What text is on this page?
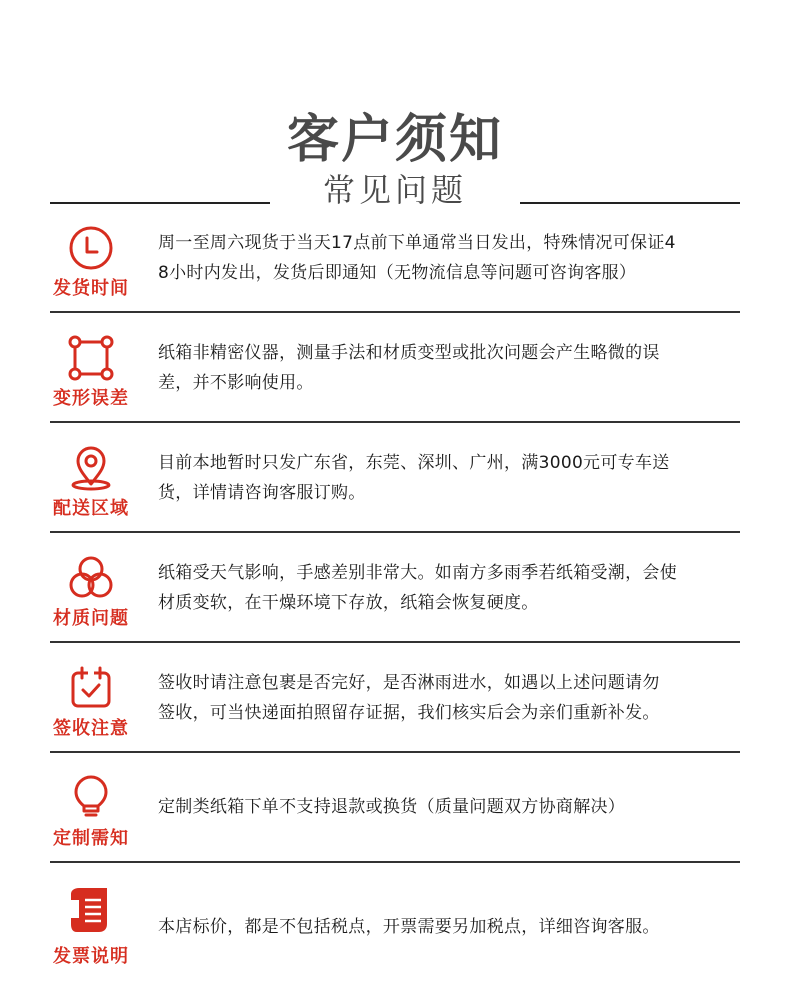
客户须知
常见问题
发货时间
周一至周六现货于当天17点前下单通常当日发出，特殊情况可保证4
8小时内发出，发货后即通知（无物流信息等问题可咨询客服）
变形误差
纸箱非精密仪器，测量手法和材质变型或批次问题会产生略微的误
差，并不影响使用。
配送区域
目前本地暂时只发广东省，东莞、深圳、广州，满3000元可专车送
货，详情请咨询客服订购。
材质问题
纸箱受天气影响，手感差别非常大。如南方多雨季若纸箱受潮，会使
材质变软，在干燥环境下存放，纸箱会恢复硬度。
签收注意
签收时请注意包裹是否完好，是否淋雨进水，如遇以上述问题请勿
签收，可当快递面拍照留存证据，我们核实后会为亲们重新补发。
定制需知
定制类纸箱下单不支持退款或换货（质量问题双方协商解决）
发票说明
本店标价，都是不包括税点，开票需要另加税点，详细咨询客服。
